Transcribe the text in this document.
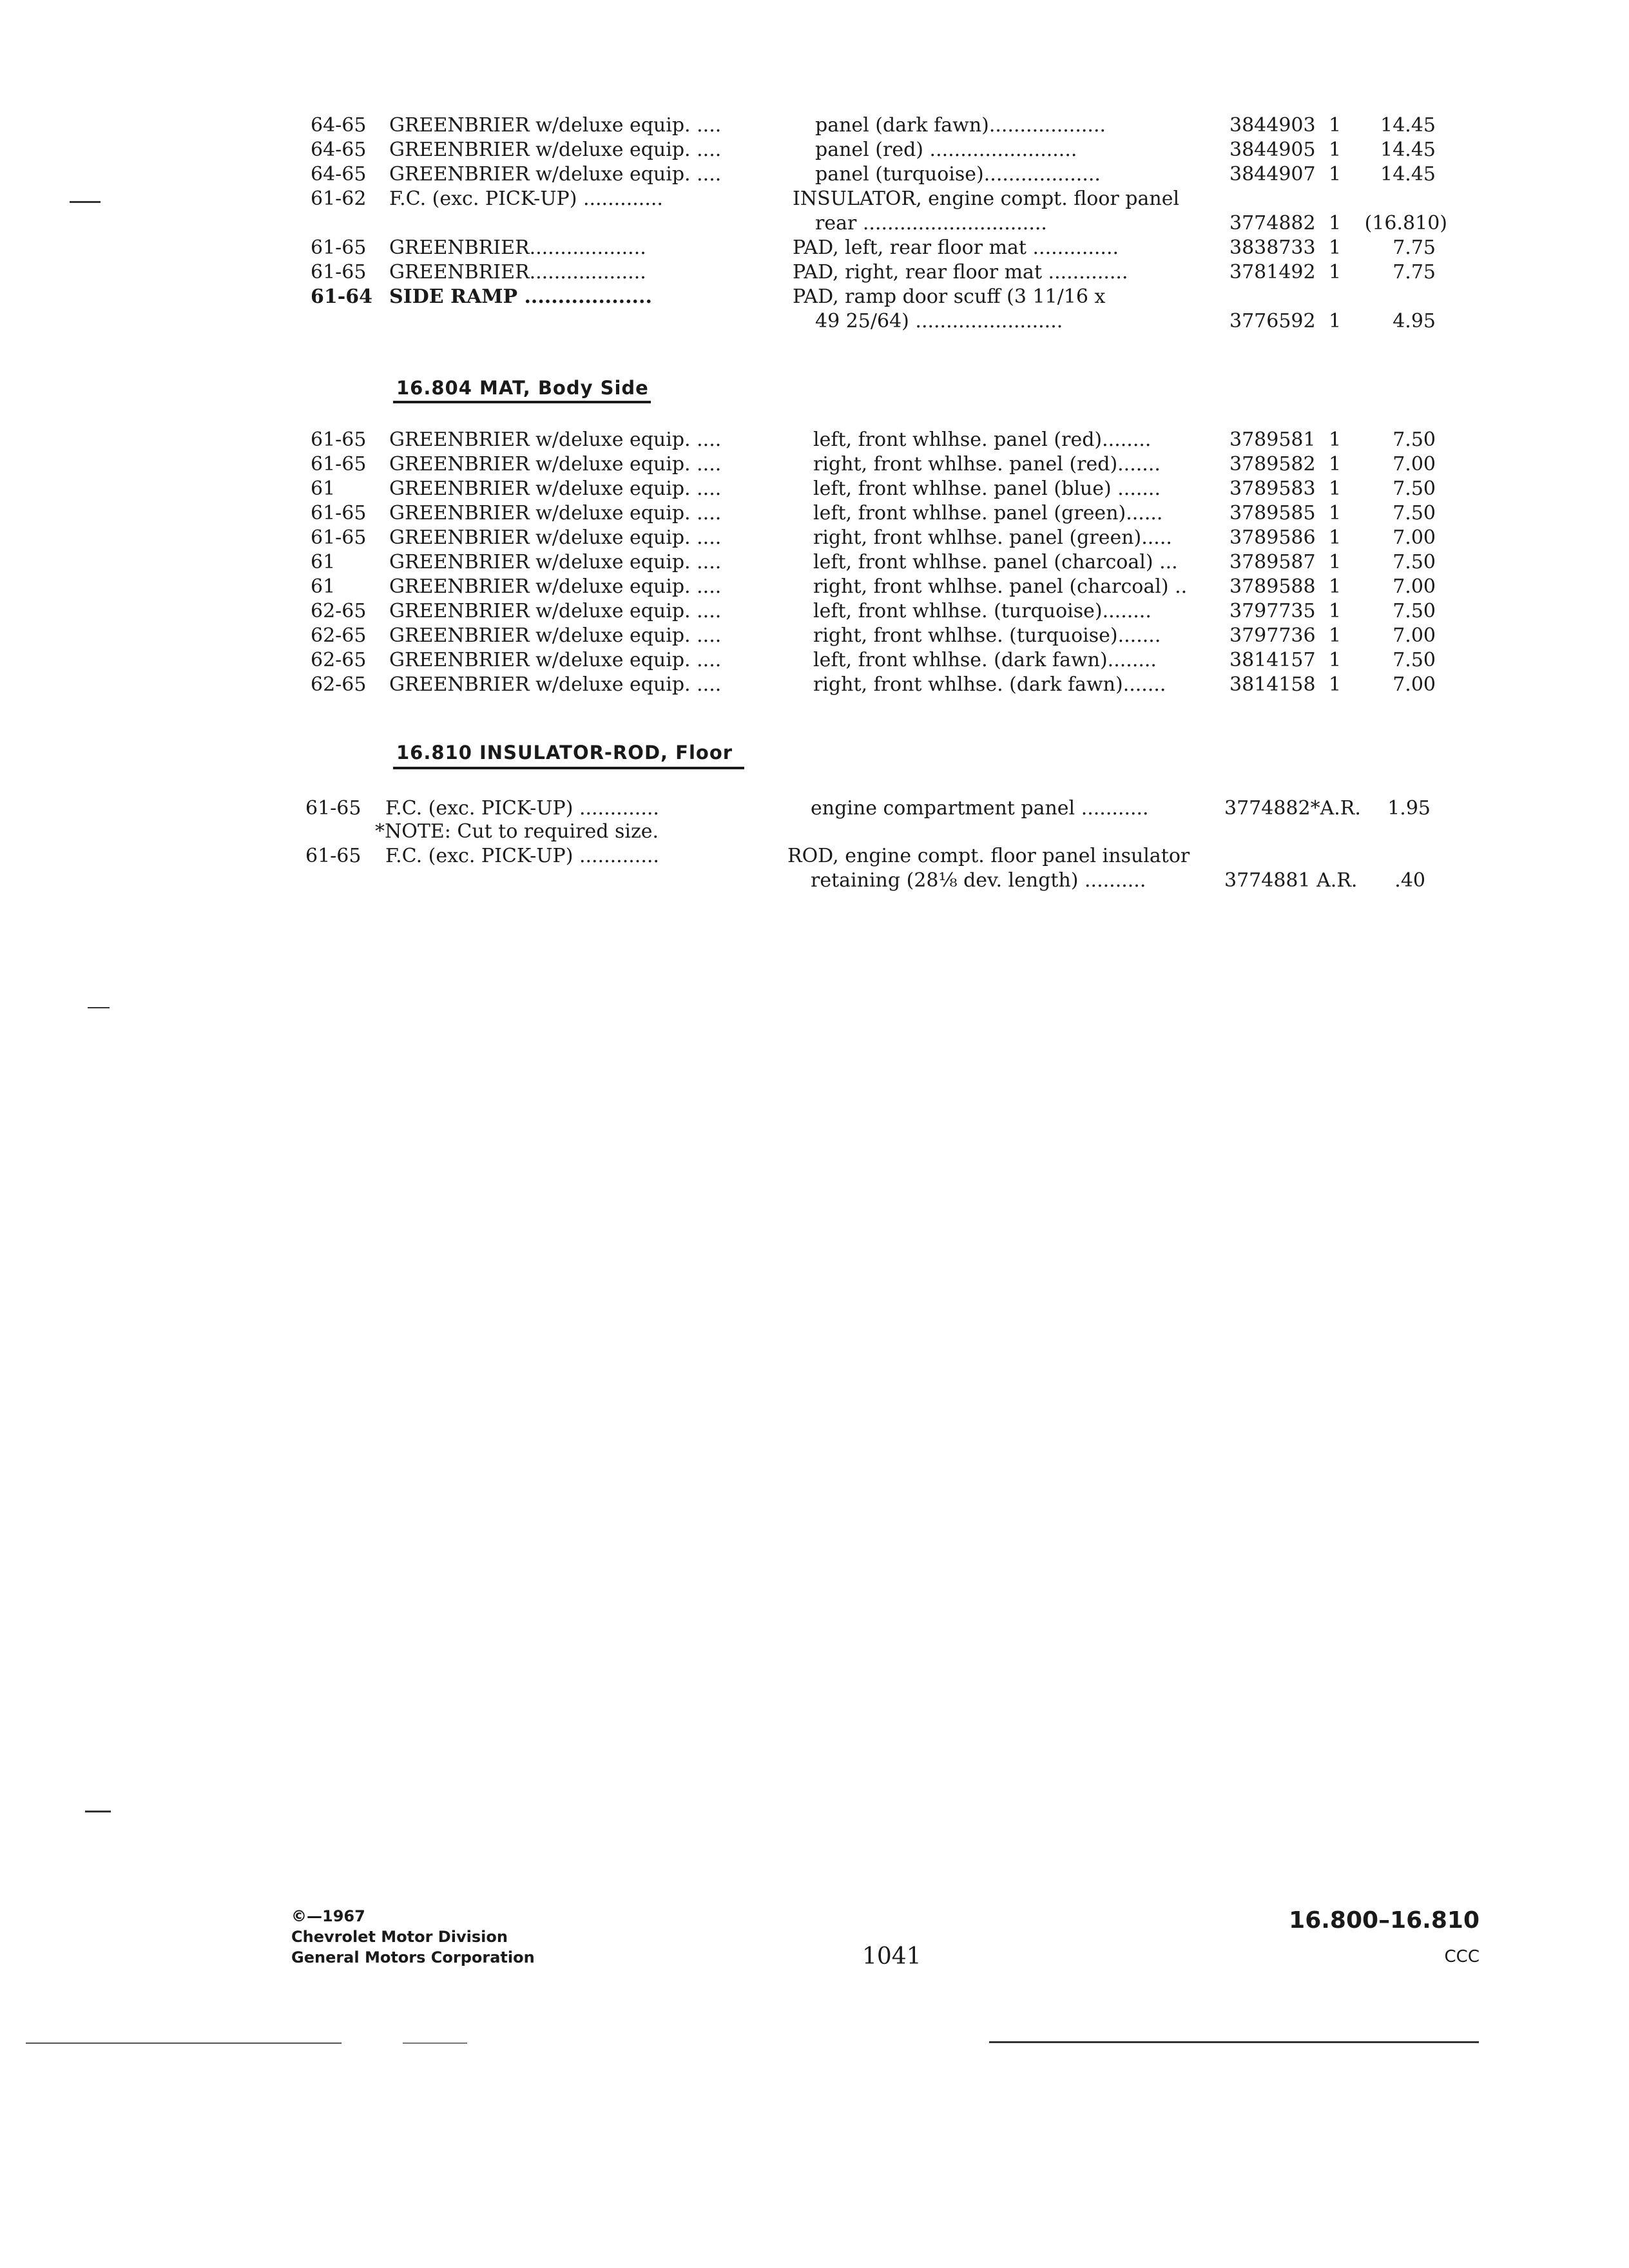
64-65 GREENBRIER w/deluxe equip. ....	panel (dark fawn)...................	3844903 1 14.45
64-65 GREENBRIER w/deluxe equip. ....	panel (red) ........................	3844905 1 14.45
64-65 GREENBRIER w/deluxe equip. ....	panel (turquoise)...................	3844907 1 14.45
61-62 F.C. (exc. PICK-UP) .............	INSULATOR, engine compt. floor panel
rear ..............................	3774882 1 (16.810)
61-65 GREENBRIER...................	PAD, left, rear floor mat ..............	3838733 1	7.75
61-65 GREENBRIER...................	PAD, right, rear floor mat .............	3781492 1	7.75
61-64 SIDE RAMP ...................	PAD, ramp door scuff (3 11/16 x
49 25/64) ........................	3776592 1	4.95
16.804 MAT, Body Side
61-65 GREENBRIER w/deluxe equip. ....	left, front whlhse. panel (red)........	3789581 1	7.50
61-65 GREENBRIER w/deluxe equip. ....	right, front whlhse. panel (red).......	3789582 1	7.00
61	GREENBRIER w/deluxe equip. ....	left, front whlhse. panel (blue) .......	3789583 1	7.50
61-65 GREENBRIER w/deluxe equip. ....	left, front whlhse. panel (green)......	3789585 1	7.50
61-65 GREENBRIER w/deluxe equip. ....	right, front whlhse. panel (green).....	3789586 1	7.00
61	GREENBRIER w/deluxe equip. ....	left, front whlhse. panel (charcoal) ...	3789587 1	7.50
61	GREENBRIER w/deluxe equip. ....	right, front whlhse. panel (charcoal) .. 3789588 1	7.00
62-65 GREENBRIER w/deluxe equip. ....	left, front whlhse. (turquoise)........	3797735 1	7.50
62-65 GREENBRIER w/deluxe equip. ....	right, front whlhse. (turquoise).......	3797736 1	7.00
62-65 GREENBRIER w/deluxe equip. ....	left, front whlhse. (dark fawn)........	3814157 1	7.50
62-65 GREENBRIER w/deluxe equip. ....	right, front whlhse. (dark fawn).......	3814158 1	7.00
16.810 INSULATOR-ROD, Floor
61-65 F.C. (exc. PICK-UP) .............	engine compartment panel ...........	3774882*A.R. 1.95
*NOTE: Cut to required size.
61-65 F.C. (exc. PICK-UP) .............	ROD, engine compt. floor panel insulator
retaining (28⅛ dev. length) ..........	3774881 A.R. .40
©—1967
Chevrolet Motor Division
General Motors Corporation	1041
16.800–16.810
CCC
